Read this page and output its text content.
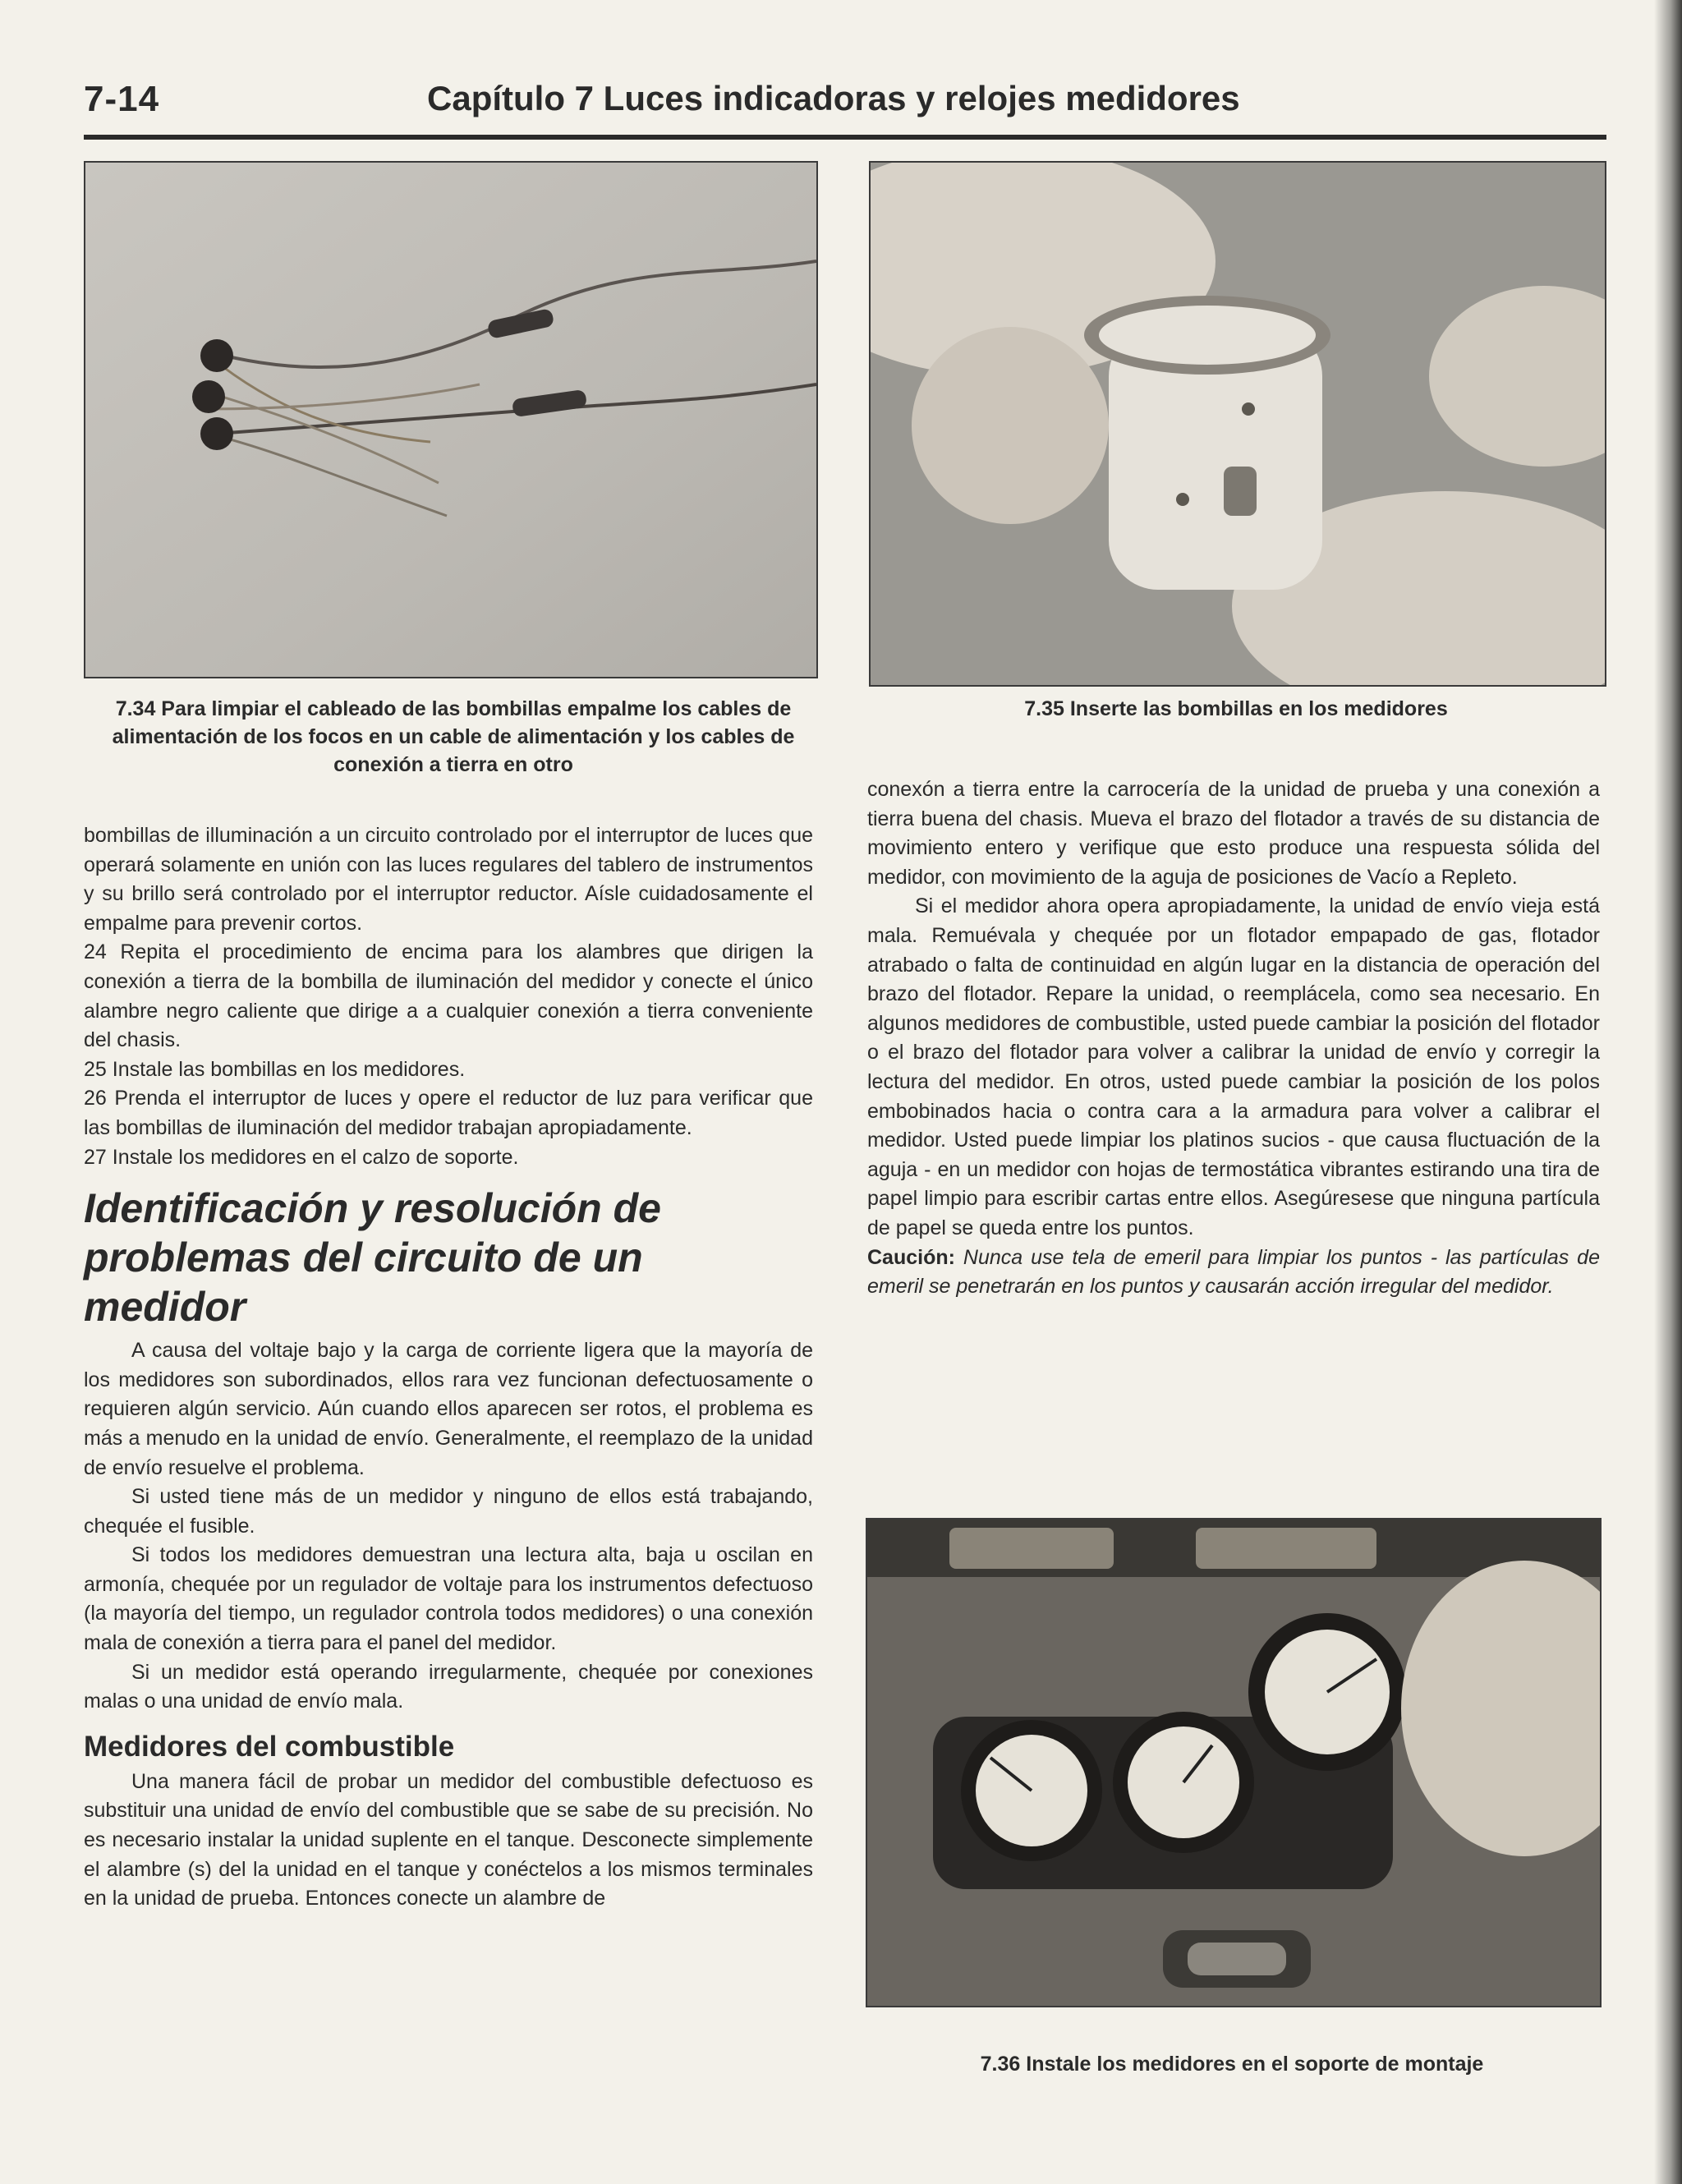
7-14	Capítulo 7 Luces indicadoras y relojes medidores
7.34 Para limpiar el cableado de las bombillas empalme los cables de alimentación de los focos en un cable de alimentación y los cables de conexión a tierra en otro
7.35 Inserte las bombillas en los medidores

bombillas de illuminación a un circuito controlado por el interruptor de luces que operará solamente en unión con las luces regulares del tablero de instrumentos y su brillo será controlado por el interruptor reductor. Aísle cuidadosamente el empalme para prevenir cortos.

24 Repita el procedimiento de encima para los alambres que dirigen la conexión a tierra de la bombilla de iluminación del medidor y conecte el único alambre negro caliente que dirige a a cualquier conexión a tierra conveniente del chasis.

25 Instale las bombillas en los medidores.

26 Prenda el interruptor de luces y opere el reductor de luz para verificar que las bombillas de iluminación del medidor trabajan apropiadamente.

27 Instale los medidores en el calzo de soporte.

Identificación y resolución de problemas del circuito de un medidor

A causa del voltaje bajo y la carga de corriente ligera que la mayoría de los medidores son subordinados, ellos rara vez funcionan defectuosamente o requieren algún servicio. Aún cuando ellos aparecen ser rotos, el problema es más a menudo en la unidad de envío. Generalmente, el reemplazo de la unidad de envío resuelve el problema.

Si usted tiene más de un medidor y ninguno de ellos está trabajando, chequée el fusible.

Si todos los medidores demuestran una lectura alta, baja u oscilan en armonía, chequée por un regulador de voltaje para los instrumentos defectuoso (la mayoría del tiempo, un regulador controla todos medidores) o una conexión mala de conexión a tierra para el panel del medidor.

Si un medidor está operando irregularmente, chequée por conexiones malas o una unidad de envío mala.

Medidores del combustible

Una manera fácil de probar un medidor del combustible defectuoso es substituir una unidad de envío del combustible que se sabe de su precisión. No es necesario instalar la unidad suplente en el tanque. Desconecte simplemente el alambre (s) del la unidad en el tanque y conéctelos a los mismos terminales en la unidad de prueba. Entonces conecte un alambre de

conexón a tierra entre la carrocería de la unidad de prueba y una conexión a tierra buena del chasis. Mueva el brazo del flotador a través de su distancia de movimiento entero y verifique que esto produce una respuesta sólida del medidor, con movimiento de la aguja de posiciones de Vacío a Repleto.

Si el medidor ahora opera apropiadamente, la unidad de envío vieja está mala. Remuévala y chequée por un flotador empapado de gas, flotador atrabado o falta de continuidad en algún lugar en la distancia de operación del brazo del flotador. Repare la unidad, o reemplácela, como sea necesario. En algunos medidores de combustible, usted puede cambiar la posición del flotador o el brazo del flotador para volver a calibrar la unidad de envío y corregir la lectura del medidor. En otros, usted puede cambiar la posición de los polos embobinados hacia o contra cara a la armadura para volver a calibrar el medidor. Usted puede limpiar los platinos sucios - que causa fluctuación de la aguja - en un medidor con hojas de termostática vibrantes estirando una tira de papel limpio para escribir cartas entre ellos. Asegúresese que ninguna partícula de papel se queda entre los puntos.

Caución: Nunca use tela de emeril para limpiar los puntos - las partículas de emeril se penetrarán en los puntos y causarán acción irregular del medidor.

7.36 Instale los medidores en el soporte de montaje
